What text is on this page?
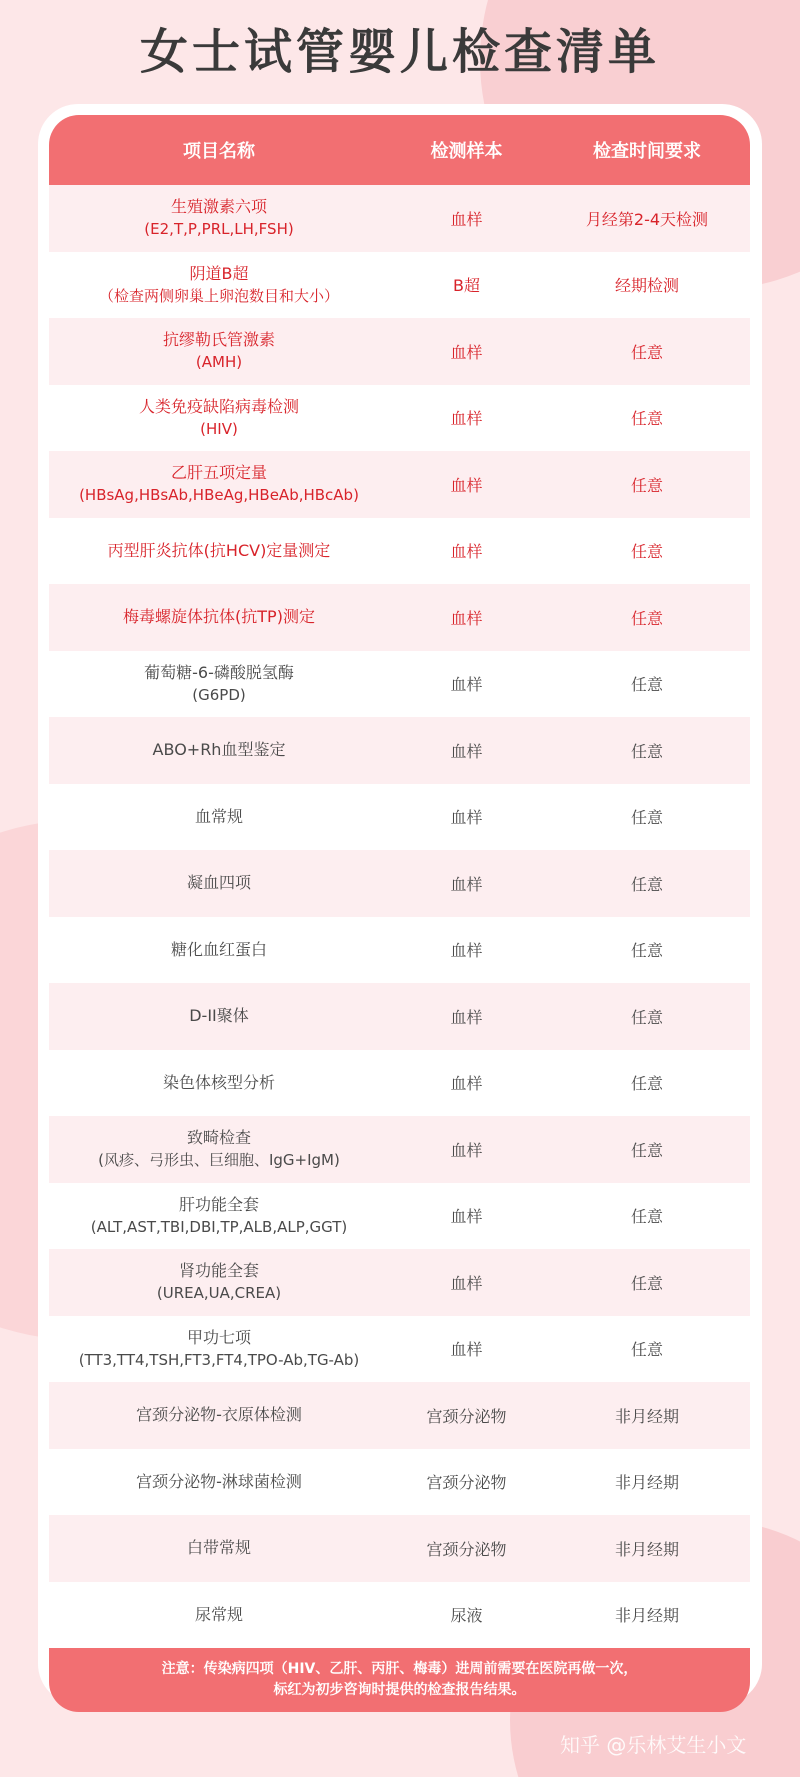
女士试管婴儿检查清单
项目名称	检测样本	检查时间要求
生殖激素六项
(E2,T,P,PRL,LH,FSH)
血样	月经第2-4天检测
阴道B超
（检查两侧卵巢上卵泡数目和大小）
B超	经期检测
抗缪勒氏管激素
(AMH)
血样	任意
人类免疫缺陷病毒检测
(HIV)
血样	任意
乙肝五项定量
(HBsAg,HBsAb,HBeAg,HBeAb,HBcAb)
血样	任意
丙型肝炎抗体(抗HCV)定量测定	血样	任意
梅毒螺旋体抗体(抗TP)测定	血样	任意
葡萄糖-6-磷酸脱氢酶
(G6PD)
血样	任意
ABO+Rh血型鉴定	血样	任意
血常规	血样	任意
凝血四项	血样	任意
糖化血红蛋白	血样	任意
D-II聚体	血样	任意
染色体核型分析	血样	任意
致畸检查
(风疹、弓形虫、巨细胞、IgG+IgM)
血样	任意
肝功能全套
(ALT,AST,TBI,DBI,TP,ALB,ALP,GGT)
血样	任意
肾功能全套
(UREA,UA,CREA)
血样	任意
甲功七项
(TT3,TT4,TSH,FT3,FT4,TPO-Ab,TG-Ab)
血样	任意
宫颈分泌物-衣原体检测	宫颈分泌物	非月经期
宫颈分泌物-淋球菌检测	宫颈分泌物	非月经期
白带常规	宫颈分泌物	非月经期
尿常规	尿液	非月经期
注意：传染病四项（HIV、乙肝、丙肝、梅毒）进周前需要在医院再做一次，
标红为初步咨询时提供的检查报告结果。
知乎 @乐林艾生小文
